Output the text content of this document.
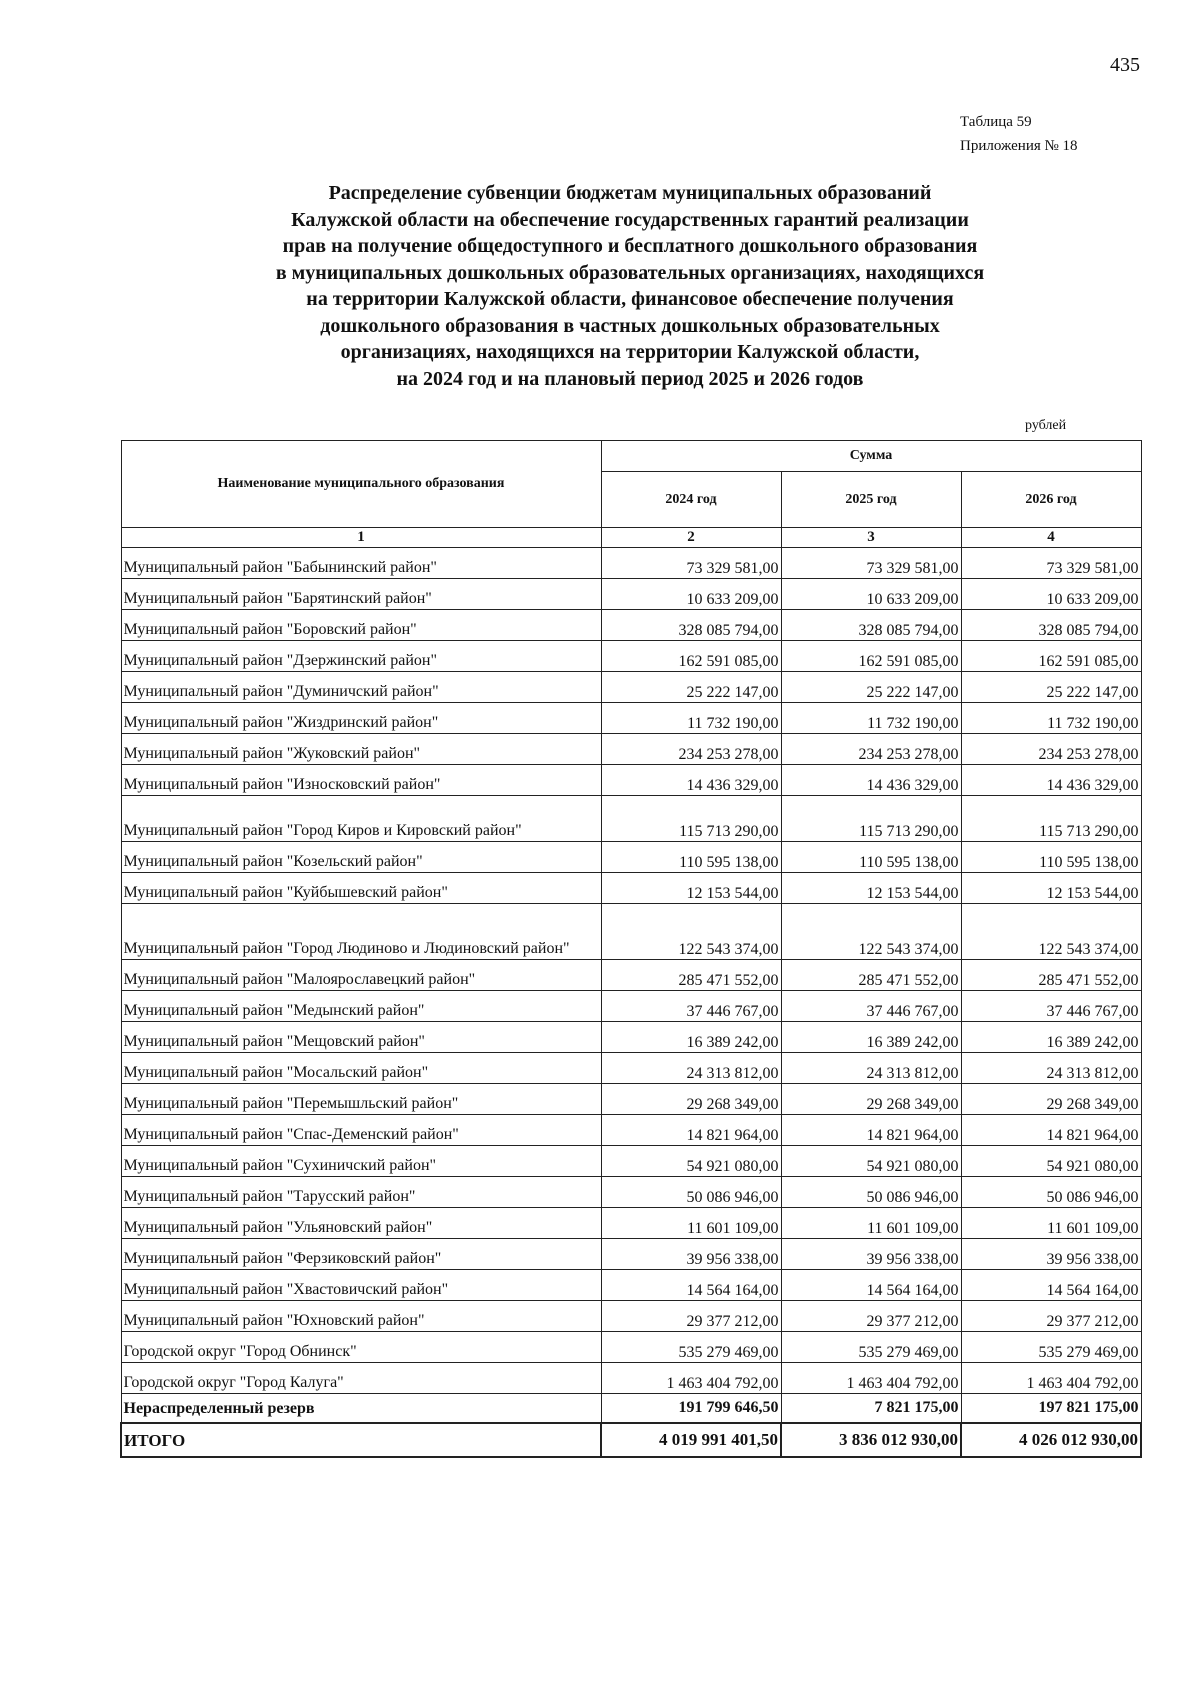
435
Таблица 59
Приложения № 18
Распределение субвенции бюджетам муниципальных образований
Калужской области на обеспечение государственных гарантий реализации
прав на получение общедоступного и бесплатного дошкольного образования
в муниципальных дошкольных образовательных организациях, находящихся
на территории Калужской области, финансовое обеспечение получения
дошкольного образования в частных дошкольных образовательных
организациях, находящихся на территории Калужской области,
на 2024 год и на плановый период 2025 и 2026 годов
рублей
Наименование муниципального образования	Сумма		
	2024 год	2025 год	2026 год
1	2	3	4
Муниципальный район "Бабынинский район"	73 329 581,00	73 329 581,00	73 329 581,00
Муниципальный район "Барятинский район"	10 633 209,00	10 633 209,00	10 633 209,00
Муниципальный район "Боровский район"	328 085 794,00	328 085 794,00	328 085 794,00
Муниципальный район "Дзержинский район"	162 591 085,00	162 591 085,00	162 591 085,00
Муниципальный район "Думиничский район"	25 222 147,00	25 222 147,00	25 222 147,00
Муниципальный район "Жиздринский район"	11 732 190,00	11 732 190,00	11 732 190,00
Муниципальный район "Жуковский район"	234 253 278,00	234 253 278,00	234 253 278,00
Муниципальный район "Износковский район"	14 436 329,00	14 436 329,00	14 436 329,00
Муниципальный район "Город Киров и Кировский район"	115 713 290,00	115 713 290,00	115 713 290,00
Муниципальный район "Козельский район"	110 595 138,00	110 595 138,00	110 595 138,00
Муниципальный район "Куйбышевский район"	12 153 544,00	12 153 544,00	12 153 544,00
Муниципальный район "Город Людиново и Людиновский район"	122 543 374,00	122 543 374,00	122 543 374,00
Муниципальный район "Малоярославецкий район"	285 471 552,00	285 471 552,00	285 471 552,00
Муниципальный район "Медынский район"	37 446 767,00	37 446 767,00	37 446 767,00
Муниципальный район "Мещовский район"	16 389 242,00	16 389 242,00	16 389 242,00
Муниципальный район "Мосальский район"	24 313 812,00	24 313 812,00	24 313 812,00
Муниципальный район "Перемышльский район"	29 268 349,00	29 268 349,00	29 268 349,00
Муниципальный район "Спас-Деменский район"	14 821 964,00	14 821 964,00	14 821 964,00
Муниципальный район "Сухиничский район"	54 921 080,00	54 921 080,00	54 921 080,00
Муниципальный район "Тарусский район"	50 086 946,00	50 086 946,00	50 086 946,00
Муниципальный район "Ульяновский район"	11 601 109,00	11 601 109,00	11 601 109,00
Муниципальный район "Ферзиковский район"	39 956 338,00	39 956 338,00	39 956 338,00
Муниципальный район "Хвастовичский район"	14 564 164,00	14 564 164,00	14 564 164,00
Муниципальный район "Юхновский район"	29 377 212,00	29 377 212,00	29 377 212,00
Городской округ "Город Обнинск"	535 279 469,00	535 279 469,00	535 279 469,00
Городской округ "Город Калуга"	1 463 404 792,00	1 463 404 792,00	1 463 404 792,00
Нераспределенный резерв	191 799 646,50	7 821 175,00	197 821 175,00
ИТОГО	4 019 991 401,50	3 836 012 930,00	4 026 012 930,00
